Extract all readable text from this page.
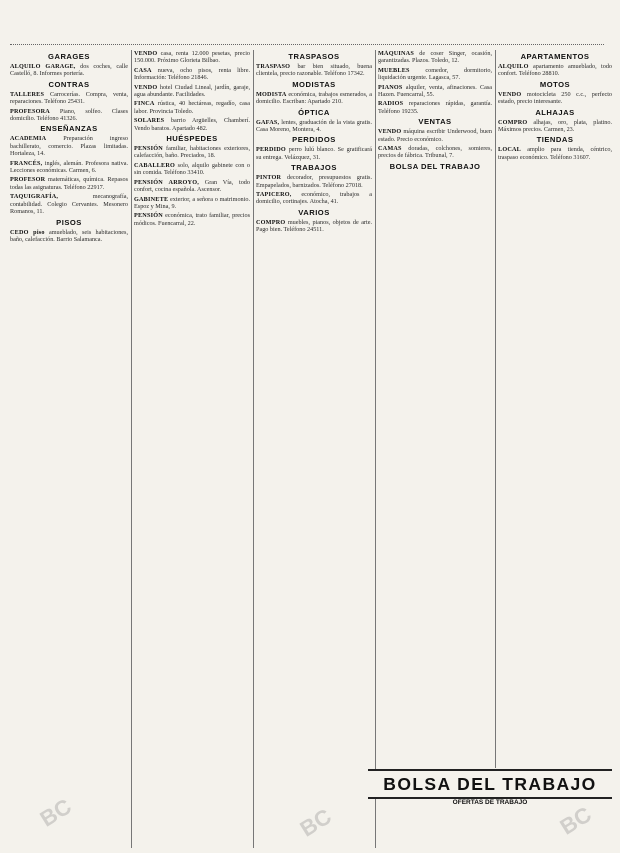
GARAGES
ALQUILO GARAGE, dos coches, calle Castelló, 8. Informes portería.
CONTRAS
TALLERES Carrocerías. Compra, venta, reparaciones. Teléfono 25431.
PROFESORA Piano, solfeo. Clases domicilio. Teléfono 41326.
ENSEÑANZAS
ACADEMIA	Preparación ingreso bachillerato, comercio. Plazas limitadas. Hortaleza, 14.
FRANCÉS, inglés, alemán. Profesora nativa. Lecciones económicas. Carmen, 6.
PROFESOR matemáticas, química. Repasos todas las asignaturas. Teléfono 22917.
TAQUIGRAFÍA,	mecanografía, contabilidad. Colegio Cervantes. Mesonero Romanos, 11.
PISOS
CEDO piso amueblado, seis habitaciones, baño, calefacción. Barrio Salamanca.
VENDO casa, renta 12.000 pesetas, precio 150.000. Próximo Glorieta Bilbao.
CASA nueva, ocho pisos, renta libre. Información: Teléfono 21846.
VENDO hotel Ciudad Lineal, jardín, garaje, agua abundante. Facilidades.
FINCA rústica, 40 hectáreas, regadío, casa labor. Provincia Toledo.
SOLARES barrio Argüelles, Chamberí. Vendo baratos. Apartado 482.
HUÉSPEDES
PENSIÓN familiar, habitaciones exteriores, calefacción, baño. Preciados, 18.
CABALLERO solo, alquilo gabinete con o sin comida. Teléfono 33410.
PENSIÓN ARROYO, Gran Vía, todo confort, cocina española. Ascensor.
GABINETE exterior, a señora o matrimonio. Espoz y Mina, 9.
PENSIÓN económica, trato familiar, precios módicos. Fuencarral, 22.
TRASPASOS
TRASPASO bar bien situado, buena clientela, precio razonable. Teléfono 17342.
MODISTAS
MODISTA económica, trabajos esmerados, a domicilio. Escriban: Apartado 210.
ÓPTICA
GAFAS, lentes, graduación de la vista gratis. Casa Moreno, Montera, 4.
PERDIDOS
PERDIDO perro lulú blanco. Se gratificará su entrega. Velázquez, 31.
TRABAJOS
PINTOR decorador, presupuestos gratis. Empapelados, barnizados. Teléfono 27018.
TAPICERO, económico, trabajos a domicilio, cortinajes. Atocha, 41.
VARIOS
COMPRO muebles, pianos, objetos de arte. Pago bien. Teléfono 24511.
MÁQUINAS de coser Singer, ocasión, garantizadas. Plazos. Toledo, 12.
MUEBLES	comedor, dormitorio, liquidación urgente. Lagasca, 57.
PIANOS alquiler, venta, afinaciones. Casa Hazen. Fuencarral, 55.
RADIOS reparaciones rápidas, garantía. Teléfono 19235.
VENTAS
VENDO máquina escribir Underwood, buen estado. Precio económico.
CAMAS doradas, colchones, somieres, precios de fábrica. Tribunal, 7.
BOLSA DEL TRABAJO
APARTAMENTOS
ALQUILO apartamento amueblado, todo confort. Teléfono 28810.
MOTOS
VENDO motocicleta 250 c.c., perfecto estado, precio interesante.
ALHAJAS
COMPRO alhajas, oro, plata, platino. Máximos precios. Carmen, 23.
TIENDAS
LOCAL amplio para tienda, céntrico, traspaso económico. Teléfono 31607.
BOLSA DEL TRABAJO
OFERTAS DE TRABAJO
BC	BC	BC
